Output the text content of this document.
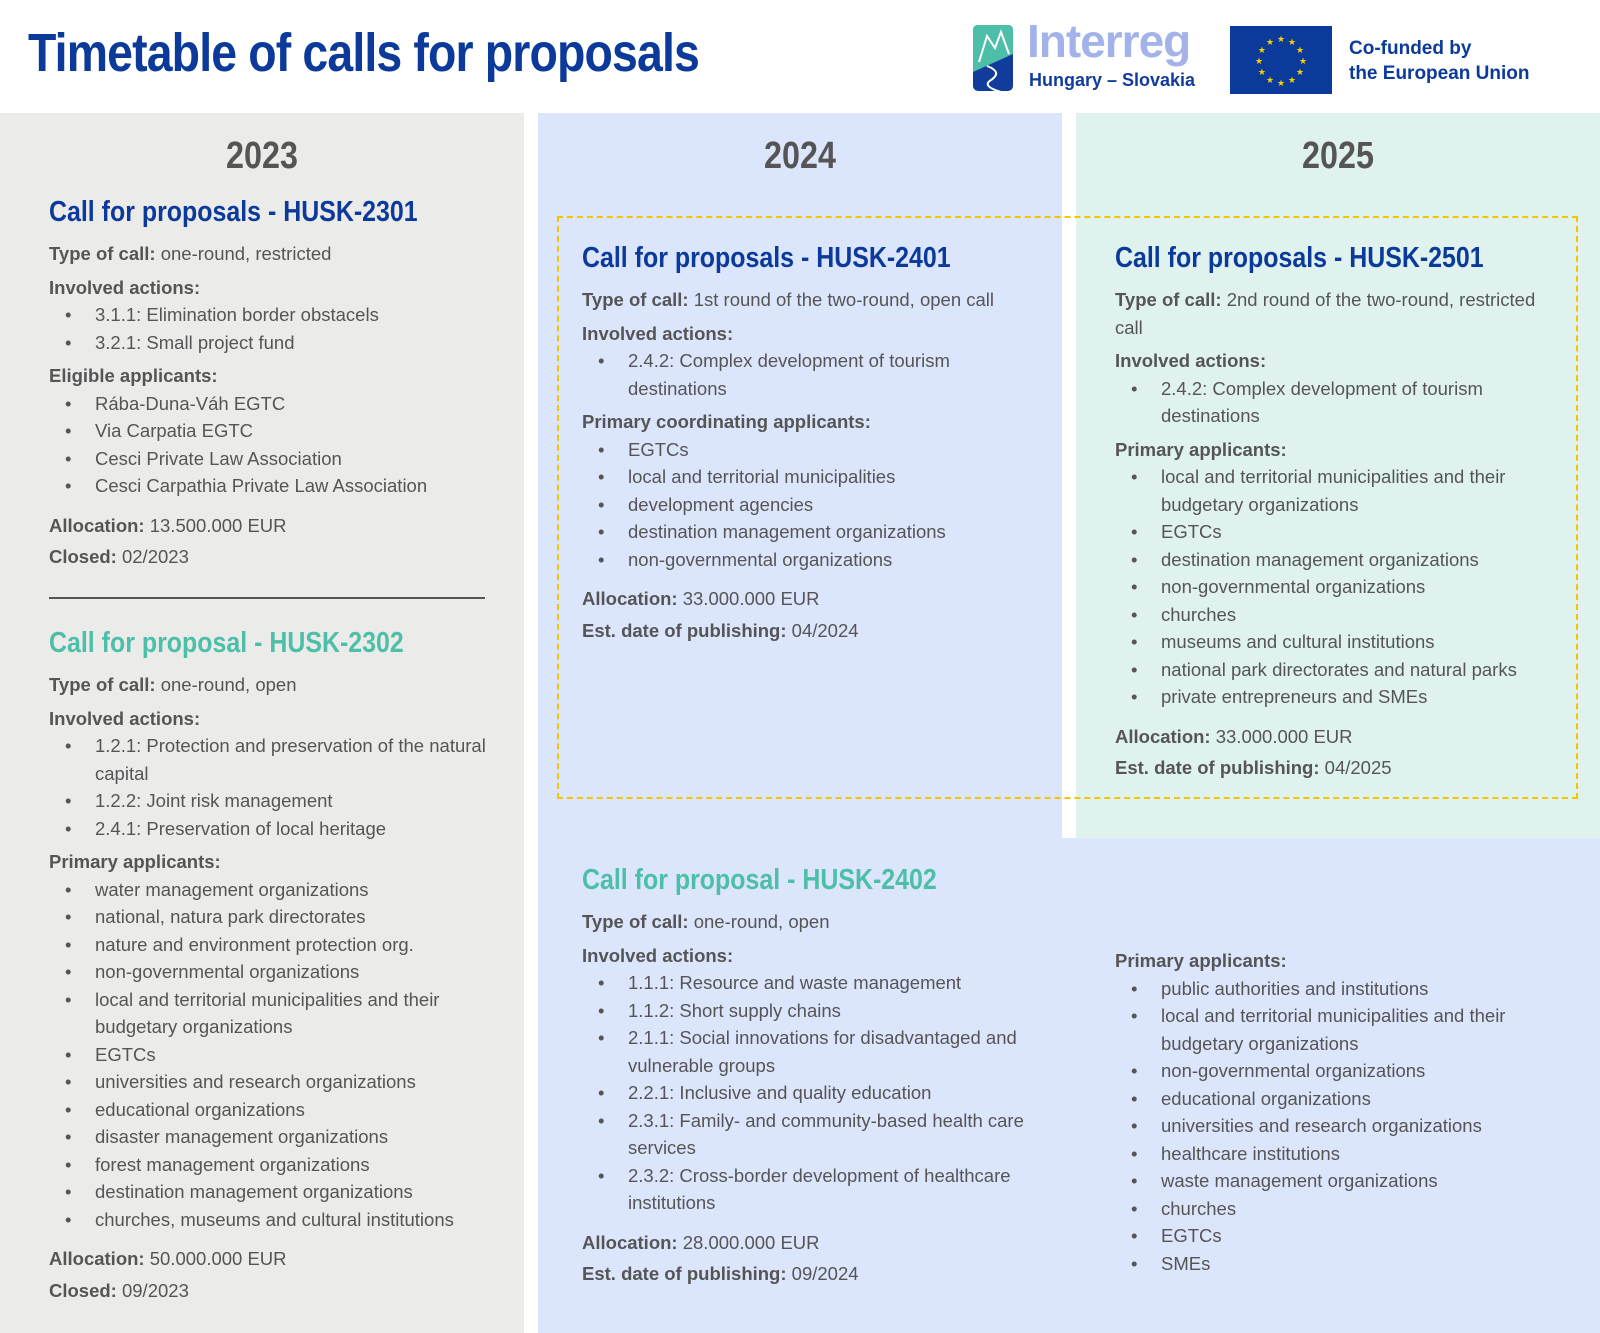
Timetable of calls for proposals	Interreg
Hungary – Slovakia
★
★
★
★
★
★
★
★
★ ★ ★
★ Co-funded by
the European Union
2023	2024	2025
Call for proposals - HUSK-2301
Type of call: one-round, restricted
Involved actions:
• 3.1.1: Elimination border obstacels
• 3.2.1: Small project fund
Eligible applicants:
• Rába-Duna-Váh EGTC
• Via Carpatia EGTC
• Cesci Private Law Association
• Cesci Carpathia Private Law Association
Allocation: 13.500.000 EUR
Closed: 02/2023
Call for proposal - HUSK-2302
Type of call: one-round, open
Involved actions:
• 1.2.1: Protection and preservation of the natural capital
• 1.2.2: Joint risk management
• 2.4.1: Preservation of local heritage
Primary applicants:
• water management organizations
• national, natura park directorates
• nature and environment protection org.
• non-governmental organizations
• local and territorial municipalities and their budgetary organizations
• EGTCs
• universities and research organizations
• educational organizations
• disaster management organizations
• forest management organizations
• destination management organizations
• churches, museums and cultural institutions
Allocation: 50.000.000 EUR
Closed: 09/2023
Call for proposals - HUSK-2401
Type of call: 1st round of the two-round, open call
Involved actions:
• 2.4.2: Complex development of tourism destinations
Primary coordinating applicants:
• EGTCs
• local and territorial municipalities
• development agencies
• destination management organizations
• non-governmental organizations
Allocation: 33.000.000 EUR
Est. date of publishing: 04/2024
Call for proposals - HUSK-2501
Type of call: 2nd round of the two-round, restricted call
Involved actions:
• 2.4.2: Complex development of tourism destinations
Primary applicants:
• local and territorial municipalities and their budgetary organizations
• EGTCs
• destination management organizations
• non-governmental organizations
• churches
• museums and cultural institutions
• national park directorates and natural parks
• private entrepreneurs and SMEs
Allocation: 33.000.000 EUR
Est. date of publishing: 04/2025
Call for proposal - HUSK-2402
Type of call: one-round, open
Involved actions:
• 1.1.1: Resource and waste management
• 1.1.2: Short supply chains
• 2.1.1: Social innovations for disadvantaged and vulnerable groups
• 2.2.1: Inclusive and quality education
• 2.3.1: Family- and community-based health care services
• 2.3.2: Cross-border development of healthcare institutions
Allocation: 28.000.000 EUR
Est. date of publishing: 09/2024
Primary applicants:
• public authorities and institutions
• local and territorial municipalities and their budgetary organizations
• non-governmental organizations
• educational organizations
• universities and research organizations
• healthcare institutions
• waste management organizations
• churches
• EGTCs
• SMEs
